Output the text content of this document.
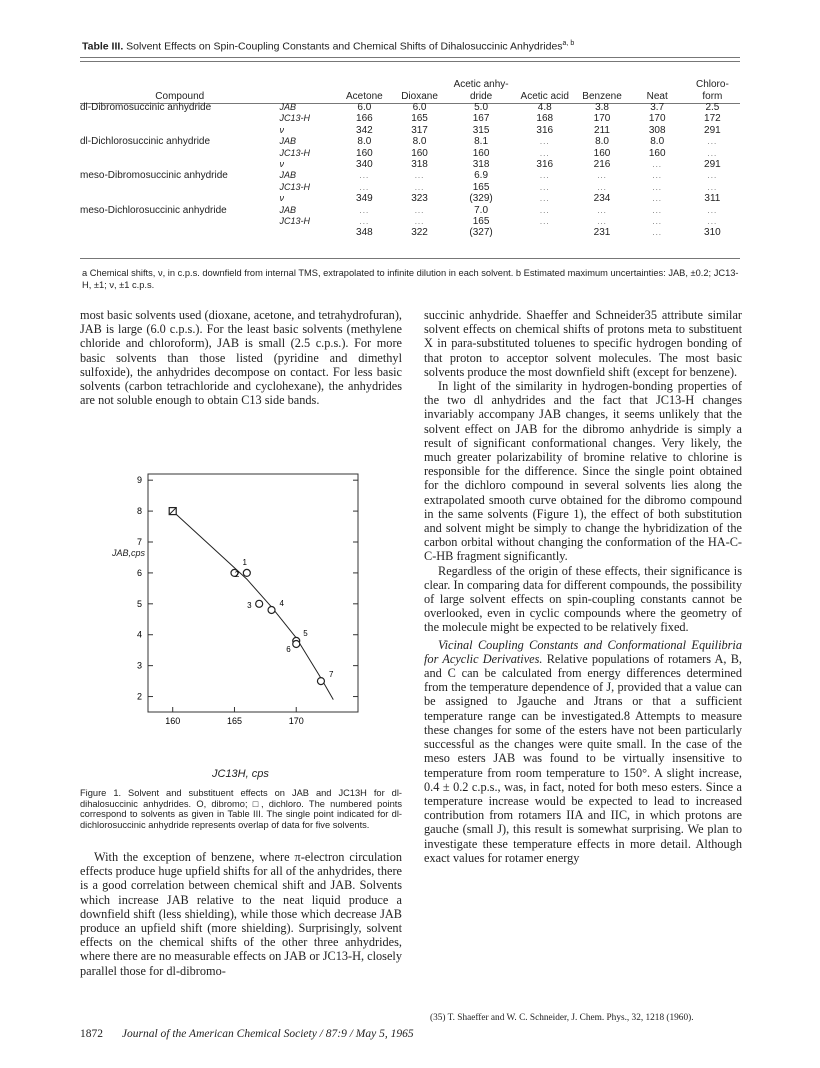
Table III. Solvent Effects on Spin-Coupling Constants and Chemical Shifts of Dihalosuccinic Anhydrides$^{a, b}$
Compound		Acetone	Dioxane	Acetic anhy- dride	Acetic acid	Benzene	Neat	Chloro- form
dl-Dibromosuccinic anhydride	JAB	6.0	6.0	5.0	4.8	3.8	3.7	2.5
	JC13-H	166	165	167	168	170	170	172
	ν	342	317	315	316	211	308	291
dl-Dichlorosuccinic anhydride	JAB	8.0	8.0	8.1	...	8.0	8.0	...
	JC13-H	160	160	160	...	160	160	...
	ν	340	318	318	316	216	...	291
meso-Dibromosuccinic anhydride	JAB	...	...	6.9	...	...	...	...
	JC13-H	...	...	165	...	...	...	...
	ν	349	323	(329)	...	234	...	311
meso-Dichlorosuccinic anhydride	JAB	...	...	7.0	...	...	...	...
	JC13-H	...	...	165	...	...	...	...
		348	322	(327)		231	...	310
a Chemical shifts, ν, in c.p.s. downfield from internal TMS, extrapolated to infinite dilution in each solvent. b Estimated maximum uncertainties: JAB, ±0.2; JC13-H, ±1; ν, ±1 c.p.s.

most basic solvents used (dioxane, acetone, and tetrahydrofuran), JAB is large (6.0 c.p.s.). For the least basic solvents (methylene chloride and chloroform), JAB is small (2.5 c.p.s.). For more basic solvents than those listed (pyridine and dimethyl sulfoxide), the anhydrides decompose on contact. For less basic solvents (carbon tetrachloride and cyclohexane), the anhydrides are not soluble enough to obtain C13 side bands.

9
8
7
6
5
4
3
2
160	165	170
1
2
3	4
5
6
7
JAB,cps
JC13H, cps
Figure 1. Solvent and substituent effects on JAB and JC13H for dl-dihalosuccinic anhydrides. O, dibromo; □, dichloro. The numbered points correspond to solvents as given in Table III. The single point indicated for dl-dichlorosuccinic anhydride represents overlap of data for five solvents.

With the exception of benzene, where π-electron circulation effects produce huge upfield shifts for all of the anhydrides, there is a good correlation between chemical shift and JAB. Solvents which increase JAB relative to the neat liquid produce a downfield shift (less shielding), while those which decrease JAB produce an upfield shift (more shielding). Surprisingly, solvent effects on the chemical shifts of the other three anhydrides, where there are no measurable effects on JAB or JC13-H, closely parallel those for dl-dibromo-

succinic anhydride. Shaeffer and Schneider35 attribute similar solvent effects on chemical shifts of protons meta to substituent X in para-substituted toluenes to specific hydrogen bonding of that proton to acceptor solvent molecules. The most basic solvents produce the most downfield shift (except for benzene).

In light of the similarity in hydrogen-bonding properties of the two dl anhydrides and the fact that JC13-H changes invariably accompany JAB changes, it seems unlikely that the solvent effect on JAB for the dibromo anhydride is simply a result of significant conformational changes. Very likely, the much greater polarizability of bromine relative to chlorine is responsible for the difference. Since the single point obtained for the dichloro compound in several solvents lies along the extrapolated smooth curve obtained for the dibromo compound in the same solvents (Figure 1), the effect of both substitution and solvent might be simply to change the hybridization of the carbon orbital without changing the conformation of the HA-C-C-HB fragment significantly.

Regardless of the origin of these effects, their significance is clear. In comparing data for different compounds, the possibility of large solvent effects on spin-coupling constants cannot be overlooked, even in cyclic compounds where the geometry of the molecule might be expected to be relatively fixed.

Vicinal Coupling Constants and Conformational Equilibria for Acyclic Derivatives. Relative populations of rotamers A, B, and C can be calculated from energy differences determined from the temperature dependence of J, provided that a value can be assigned to Jgauche and Jtrans or that a sufficient temperature range can be investigated.8 Attempts to measure these changes for some of the esters have not been particularly successful as the changes were quite small. In the case of the meso esters JAB was found to be virtually insensitive to temperature from room temperature to 150°. A slight increase, 0.4 ± 0.2 c.p.s., was, in fact, noted for both meso esters. Since a temperature increase would be expected to lead to increased contribution from rotamers IIA and IIC, in which protons are gauche (small J), this result is somewhat surprising. We plan to investigate these temperature effects in more detail. Although exact values for rotamer energy

(35) T. Shaeffer and W. C. Schneider, J. Chem. Phys., 32, 1218 (1960).
1872 Journal of the American Chemical Society / 87:9 / May 5, 1965
